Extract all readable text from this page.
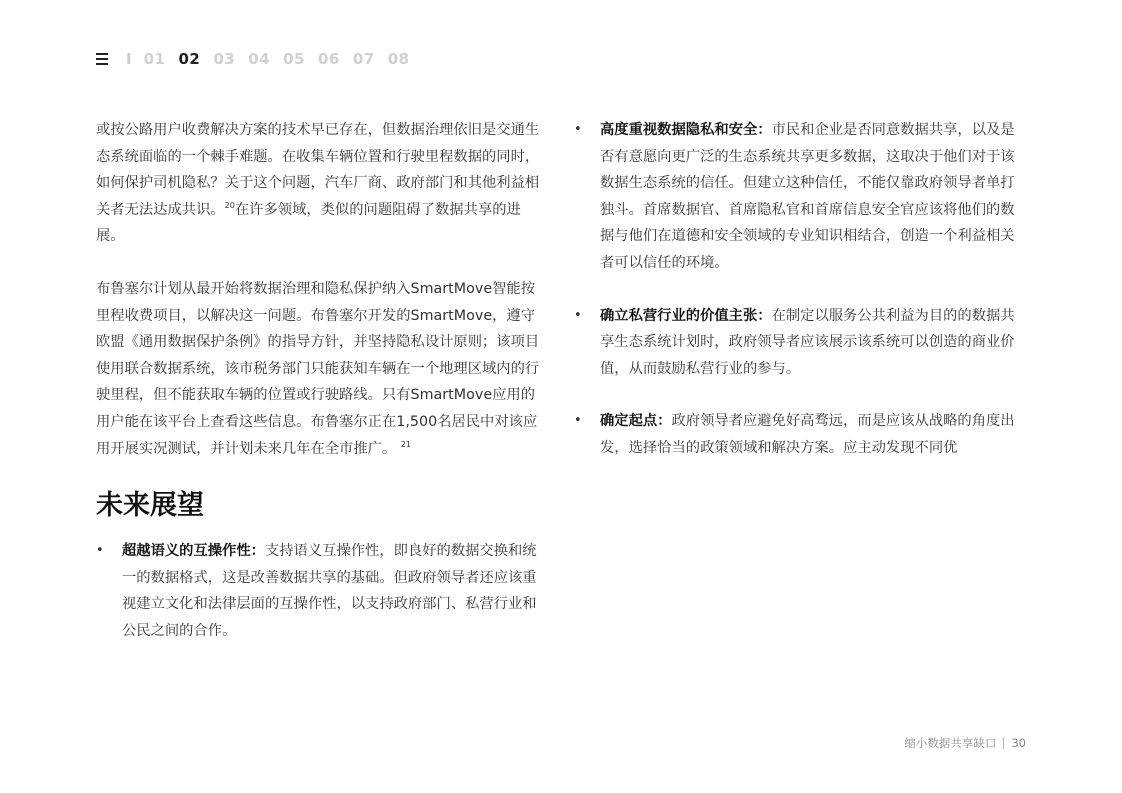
I 01 02 03 04 05 06 07 08

或按公路用户收费解决方案的技术早已存在，但数据治理依旧是交通生态系统面临的一个棘手难题。在收集车辆位置和行驶里程数据的同时，如何保护司机隐私？关于这个问题，汽车厂商、政府部门和其他利益相关者无法达成共识。$^{20}$在许多领域，类似的问题阻碍了数据共享的进展。

布鲁塞尔计划从最开始将数据治理和隐私保护纳入SmartMove智能按里程收费项目，以解决这一问题。布鲁塞尔开发的SmartMove，遵守欧盟《通用数据保护条例》的指导方针，并坚持隐私设计原则；该项目使用联合数据系统，该市税务部门只能获知车辆在一个地理区域内的行驶里程，但不能获取车辆的位置或行驶路线。只有SmartMove应用的用户能在该平台上查看这些信息。布鲁塞尔正在1,500名居民中对该应用开展实况测试，并计划未来几年在全市推广。 $^{21}$

未来展望
• 超越语义的互操作性：支持语义互操作性，即良好的数据交换和统一的数据格式，这是改善数据共享的基础。但政府领导者还应该重视建立文化和法律层面的互操作性，以支持政府部门、私营行业和公民之间的合作。
• 高度重视数据隐私和安全：市民和企业是否同意数据共享，以及是否有意愿向更广泛的生态系统共享更多数据，这取决于他们对于该数据生态系统的信任。但建立这种信任，不能仅靠政府领导者单打独斗。首席数据官、首席隐私官和首席信息安全官应该将他们的数据与他们在道德和安全领域的专业知识相结合，创造一个利益相关者可以信任的环境。
• 确立私营行业的价值主张：在制定以服务公共利益为目的的数据共享生态系统计划时，政府领导者应该展示该系统可以创造的商业价值，从而鼓励私营行业的参与。
• 确定起点：政府领导者应避免好高骛远，而是应该从战略的角度出发，选择恰当的政策领域和解决方案。应主动发现不同优
缩小数据共享缺口 30
